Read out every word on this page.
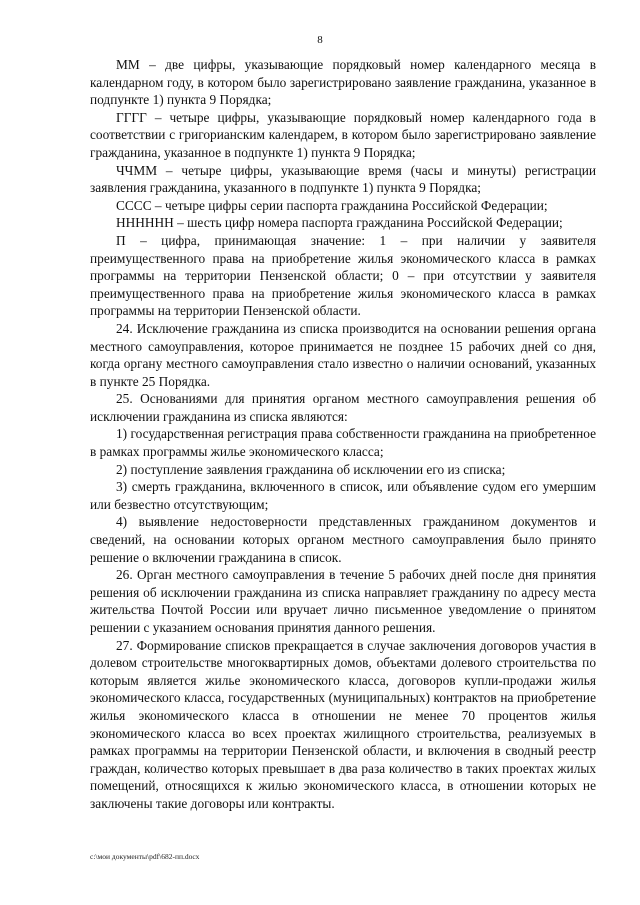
8

ММ – две цифры, указывающие порядковый номер календарного месяца в календарном году, в котором было зарегистрировано заявление гражданина, указанное в подпункте 1) пункта 9 Порядка;

ГГГГ – четыре цифры, указывающие порядковый номер календарного года в соответствии с григорианским календарем, в котором было зарегистрировано заявление гражданина, указанное в подпункте 1) пункта 9 Порядка;

ЧЧММ – четыре цифры, указывающие время (часы и минуты) регистрации заявления гражданина, указанного в подпункте 1) пункта 9 Порядка;

СССС – четыре цифры серии паспорта гражданина Российской Федерации;

НННННН – шесть цифр номера паспорта гражданина Российской Федерации;

П – цифра, принимающая значение: 1 – при наличии у заявителя преимущественного права на приобретение жилья экономического класса в рамках программы на территории Пензенской области; 0 – при отсутствии у заявителя преимущественного права на приобретение жилья экономического класса в рамках программы на территории Пензенской области.

24. Исключение гражданина из списка производится на основании решения органа местного самоуправления, которое принимается не позднее 15 рабочих дней со дня, когда органу местного самоуправления стало известно о наличии оснований, указанных в пункте 25 Порядка.

25. Основаниями для принятия органом местного самоуправления решения об исключении гражданина из списка являются:

1) государственная регистрация права собственности гражданина на приобретенное в рамках программы жилье экономического класса;

2) поступление заявления гражданина об исключении его из списка;

3) смерть гражданина, включенного в список, или объявление судом его умершим или безвестно отсутствующим;

4) выявление недостоверности представленных гражданином документов и сведений, на основании которых органом местного самоуправления было принято решение о включении гражданина в список.

26. Орган местного самоуправления в течение 5 рабочих дней после дня принятия решения об исключении гражданина из списка направляет гражданину по адресу места жительства Почтой России или вручает лично письменное уведомление о принятом решении с указанием основания принятия данного решения.

27. Формирование списков прекращается в случае заключения договоров участия в долевом строительстве многоквартирных домов, объектами долевого строительства по которым является жилье экономического класса, договоров купли-продажи жилья экономического класса, государственных (муниципальных) контрактов на приобретение жилья экономического класса в отношении не менее 70 процентов жилья экономического класса во всех проектах жилищного строительства, реализуемых в рамках программы на территории Пензенской области, и включения в сводный реестр граждан, количество которых превышает в два раза количество в таких проектах жилых помещений, относящихся к жилью экономического класса, в отношении которых не заключены такие договоры или контракты.

c:\мои документы\pdf\682-пп.docx
